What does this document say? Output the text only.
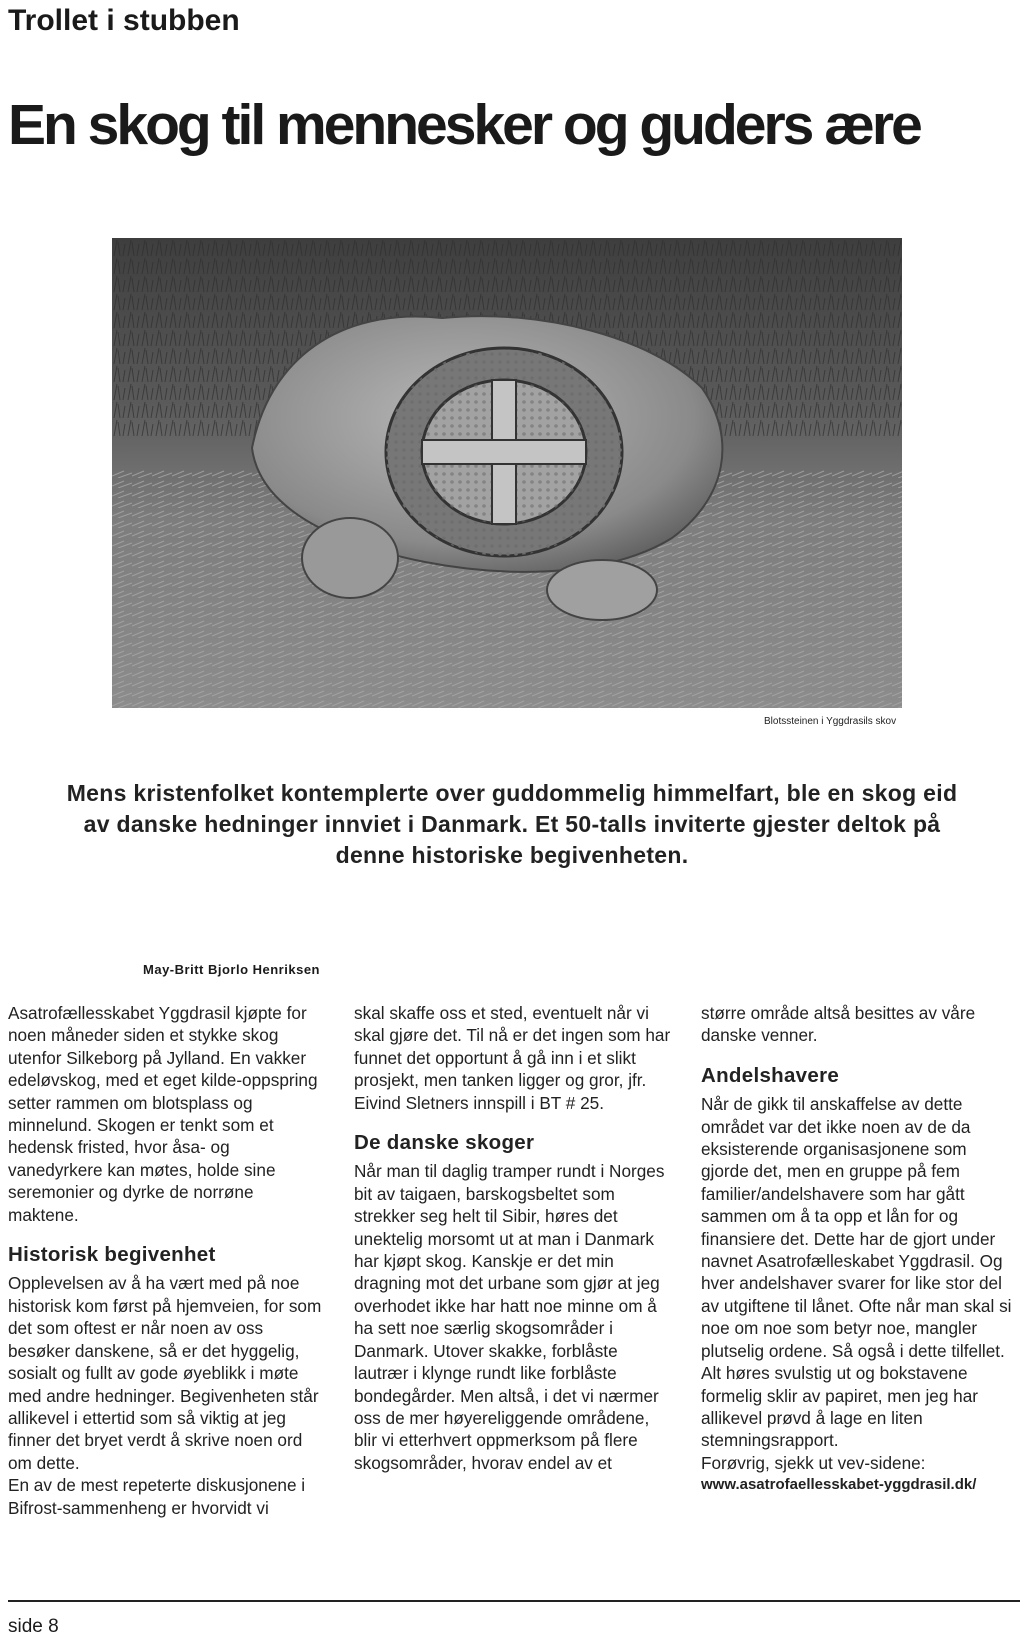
Trollet i stubben
En skog til mennesker og guders ære
Blotssteinen i Yggdrasils skov

Mens kristenfolket kontemplerte over guddommelig himmelfart, ble en skog eid av danske hedninger innviet i Danmark. Et 50-talls inviterte gjester deltok på denne historiske begivenheten.

May-Britt Bjorlo Henriksen

Asatrofællesskabet Yggdrasil kjøpte for noen måneder siden et stykke skog utenfor Silkeborg på Jylland. En vakker edeløvskog, med et eget kilde-oppspring setter rammen om blotsplass og minnelund. Skogen er tenkt som et hedensk fristed, hvor åsa- og vanedyrkere kan møtes, holde sine seremonier og dyrke de norrøne maktene.

Historisk begivenhet

Opplevelsen av å ha vært med på noe historisk kom først på hjemveien, for som det som oftest er når noen av oss besøker danskene, så er det hyggelig, sosialt og fullt av gode øyeblikk i møte med andre hedninger. Begivenheten står allikevel i ettertid som så viktig at jeg finner det bryet verdt å skrive noen ord om dette.

En av de mest repeterte diskusjonene i Bifrost-sammenheng er hvorvidt vi

skal skaffe oss et sted, eventuelt når vi skal gjøre det. Til nå er det ingen som har funnet det opportunt å gå inn i et slikt prosjekt, men tanken ligger og gror, jfr. Eivind Sletners innspill i BT # 25.

De danske skoger

Når man til daglig tramper rundt i Norges bit av taigaen, barskogsbeltet som strekker seg helt til Sibir, høres det unektelig morsomt ut at man i Danmark har kjøpt skog. Kanskje er det min dragning mot det urbane som gjør at jeg overhodet ikke har hatt noe minne om å ha sett noe særlig skogsområder i Danmark. Utover skakke, forblåste lautrær i klynge rundt like forblåste bondegårder. Men altså, i det vi nærmer oss de mer høyereliggende områdene, blir vi etterhvert oppmerksom på flere skogsområder, hvorav endel av et

større område altså besittes av våre danske venner.

Andelshavere

Når de gikk til anskaffelse av dette området var det ikke noen av de da eksisterende organisasjonene som gjorde det, men en gruppe på fem familier/andelshavere som har gått sammen om å ta opp et lån for og finansiere det. Dette har de gjort under navnet Asatrofælleskabet Yggdrasil. Og hver andelshaver svarer for like stor del av utgiftene til lånet. Ofte når man skal si noe om noe som betyr noe, mangler plutselig ordene. Så også i dette tilfellet. Alt høres svulstig ut og bokstavene formelig sklir av papiret, men jeg har allikevel prøvd å lage en liten stemningsrapport.

Forøvrig, sjekk ut vev-sidene:

www.asatrofaellesskabet-yggdrasil.dk/

side 8
